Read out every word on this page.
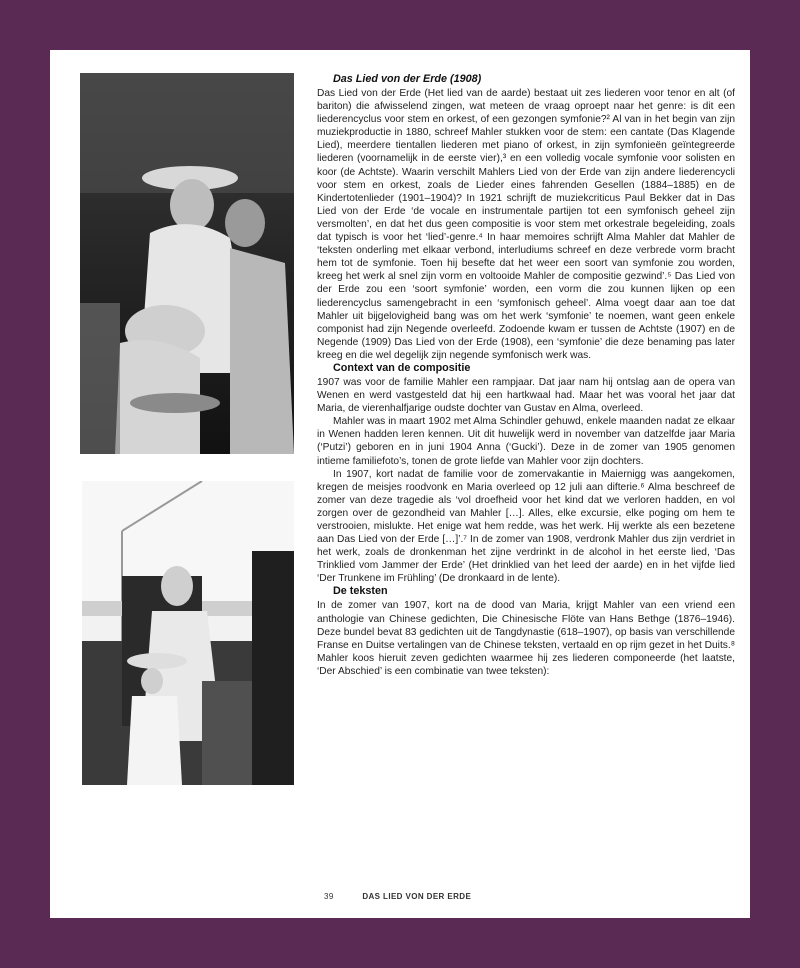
Das Lied von der Erde (1908)

Das Lied von der Erde (Het lied van de aarde) bestaat uit zes liederen voor tenor en alt (of bariton) die afwisselend zingen, wat meteen de vraag oproept naar het genre: is dit een liederencyclus voor stem en orkest, of een gezongen symfonie?² Al van in het begin van zijn muziekproductie in 1880, schreef Mahler stukken voor de stem: een cantate (Das Klagende Lied), meerdere tientallen liederen met piano of orkest, in zijn symfonieën geïntegreerde liederen (voornamelijk in de eerste vier),³ en een volledig vocale symfonie voor solisten en koor (de Achtste). Waarin verschilt Mahlers Lied von der Erde van zijn andere liederencycli voor stem en orkest, zoals de Lieder eines fahrenden Gesellen (1884–1885) en de Kindertotenlieder (1901–1904)? In 1921 schrijft de muziekcriticus Paul Bekker dat in Das Lied von der Erde ‘de vocale en instrumentale partijen tot een symfonisch geheel zijn versmolten’, en dat het dus geen compositie is voor stem met orkestrale begeleiding, zoals dat typisch is voor het ‘lied’-genre.⁴ In haar memoires schrijft Alma Mahler dat Mahler de ‘teksten onderling met elkaar verbond, interludiums schreef en deze verbrede vorm bracht hem tot de symfonie. Toen hij besefte dat het weer een soort van symfonie zou worden, kreeg het werk al snel zijn vorm en voltooide Mahler de compositie gezwind’.⁵ Das Lied von der Erde zou een ‘soort symfonie’ worden, een vorm die zou kunnen lijken op een liederencyclus samengebracht in een ‘symfonisch geheel’. Alma voegt daar aan toe dat Mahler uit bijgelovigheid bang was om het werk ‘symfonie’ te noemen, want geen enkele componist had zijn Negende overleefd. Zodoende kwam er tussen de Achtste (1907) en de Negende (1909) Das Lied von der Erde (1908), een ‘symfonie’ die deze benaming pas later kreeg en die wel degelijk zijn negende symfonisch werk was.

Context van de compositie

1907 was voor de familie Mahler een rampjaar. Dat jaar nam hij ontslag aan de opera van Wenen en werd vastgesteld dat hij een hartkwaal had. Maar het was vooral het jaar dat Maria, de vierenhalfjarige oudste dochter van Gustav en Alma, overleed.

Mahler was in maart 1902 met Alma Schindler gehuwd, enkele maanden nadat ze elkaar in Wenen hadden leren kennen. Uit dit huwelijk werd in november van datzelfde jaar Maria (‘Putzi’) geboren en in juni 1904 Anna (‘Gucki’). Deze in de zomer van 1905 genomen intieme familiefoto’s, tonen de grote liefde van Mahler voor zijn dochters.

In 1907, kort nadat de familie voor de zomervakantie in Maiernigg was aangekomen, kregen de meisjes roodvonk en Maria overleed op 12 juli aan difterie.⁶ Alma beschreef de zomer van deze tragedie als ‘vol droefheid voor het kind dat we verloren hadden, en vol zorgen over de gezondheid van Mahler […]. Alles, elke excursie, elke poging om hem te verstrooien, mislukte. Het enige wat hem redde, was het werk. Hij werkte als een bezetene aan Das Lied von der Erde […]’.⁷ In de zomer van 1908, verdronk Mahler dus zijn verdriet in het werk, zoals de dronkenman het zijne verdrinkt in de alcohol in het eerste lied, ‘Das Trinklied vom Jammer der Erde’ (Het drinklied van het leed der aarde) en in het vijfde lied ‘Der Trunkene im Frühling’ (De dronkaard in de lente).

De teksten

In de zomer van 1907, kort na de dood van Maria, krijgt Mahler van een vriend een anthologie van Chinese gedichten, Die Chinesische Flöte van Hans Bethge (1876–1946). Deze bundel bevat 83 gedichten uit de Tangdynastie (618–1907), op basis van verschillende Franse en Duitse vertalingen van de Chinese teksten, vertaald en op rijm gezet in het Duits.⁸ Mahler koos hieruit zeven gedichten waarmee hij zes liederen componeerde (het laatste, ‘Der Abschied’ is een combinatie van twee teksten):

39	DAS LIED VON DER ERDE
